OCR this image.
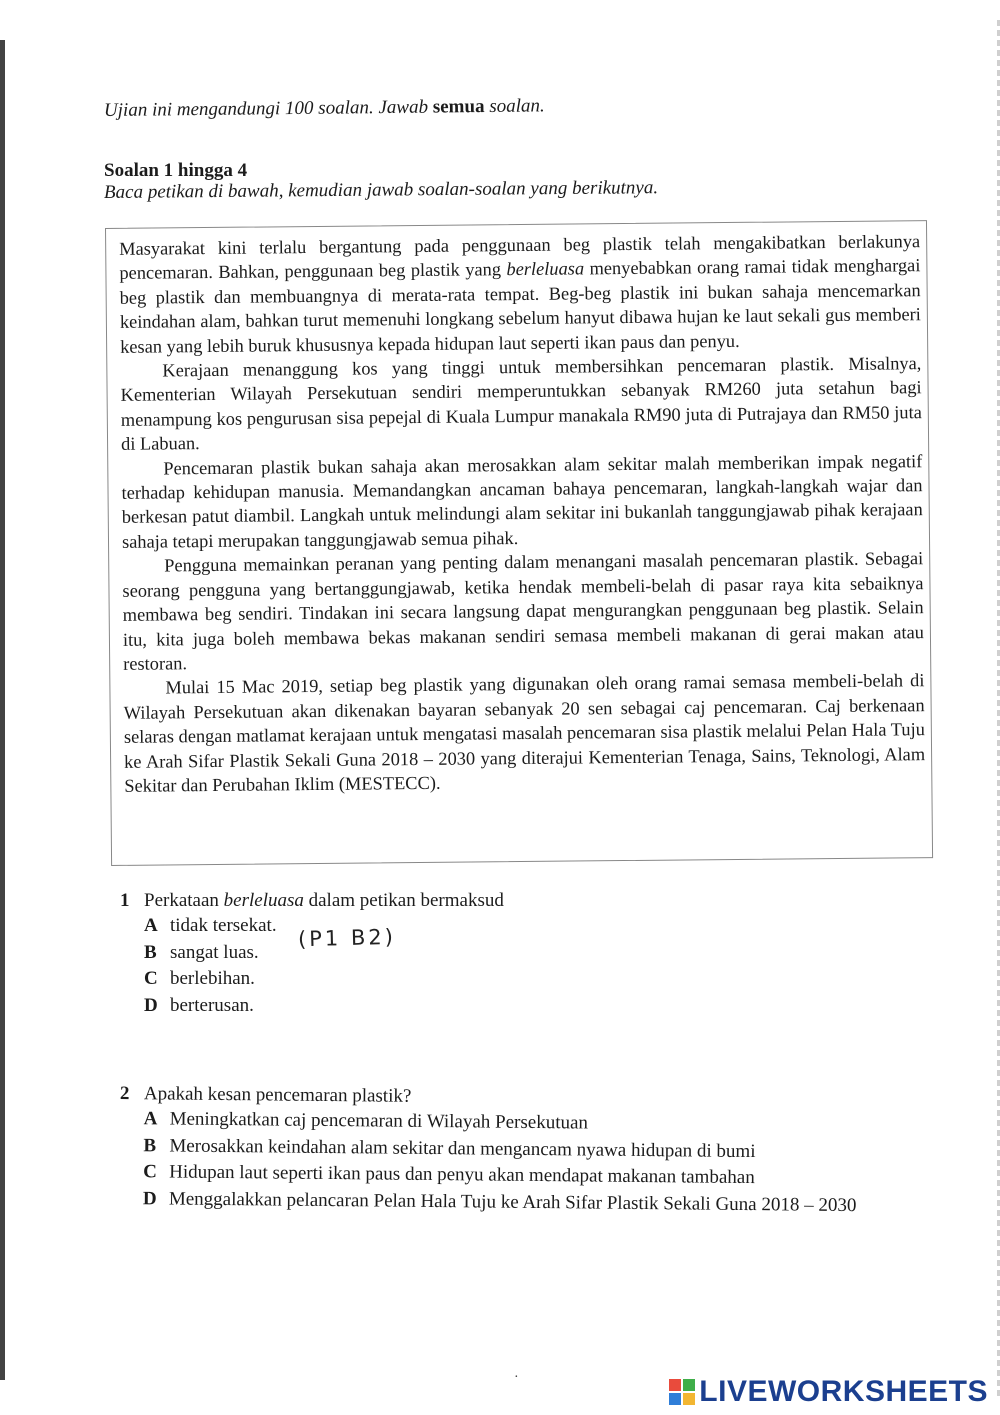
Ujian ini mengandungi 100 soalan. Jawab semua soalan.
Soalan 1 hingga 4
Baca petikan di bawah, kemudian jawab soalan-soalan yang berikutnya.

Masyarakat kini terlalu bergantung pada penggunaan beg plastik telah mengakibatkan berlakunya pencemaran. Bahkan, penggunaan beg plastik yang berleluasa menyebabkan orang ramai tidak menghargai beg plastik dan membuangnya di merata-rata tempat. Beg-beg plastik ini bukan sahaja mencemarkan keindahan alam, bahkan turut memenuhi longkang sebelum hanyut dibawa hujan ke laut sekali gus memberi kesan yang lebih buruk khususnya kepada hidupan laut seperti ikan paus dan penyu.

Kerajaan menanggung kos yang tinggi untuk membersihkan pencemaran plastik. Misalnya, Kementerian Wilayah Persekutuan sendiri memperuntukkan sebanyak RM260 juta setahun bagi menampung kos pengurusan sisa pepejal di Kuala Lumpur manakala RM90 juta di Putrajaya dan RM50 juta di Labuan.

Pencemaran plastik bukan sahaja akan merosakkan alam sekitar malah memberikan impak negatif terhadap kehidupan manusia. Memandangkan ancaman bahaya pencemaran, langkah-langkah wajar dan berkesan patut diambil. Langkah untuk melindungi alam sekitar ini bukanlah tanggungjawab pihak kerajaan sahaja tetapi merupakan tanggungjawab semua pihak.

Pengguna memainkan peranan yang penting dalam menangani masalah pencemaran plastik. Sebagai seorang pengguna yang bertanggungjawab, ketika hendak membeli-belah di pasar raya kita sebaiknya membawa beg sendiri. Tindakan ini secara langsung dapat mengurangkan penggunaan beg plastik. Selain itu, kita juga boleh membawa bekas makanan sendiri semasa membeli makanan di gerai makan atau restoran.

Mulai 15 Mac 2019, setiap beg plastik yang digunakan oleh orang ramai semasa membeli-belah di Wilayah Persekutuan akan dikenakan bayaran sebanyak 20 sen sebagai caj pencemaran. Caj berkenaan selaras dengan matlamat kerajaan untuk mengatasi masalah pencemaran sisa plastik melalui Pelan Hala Tuju ke Arah Sifar Plastik Sekali Guna 2018 – 2030 yang diterajui Kementerian Tenaga, Sains, Teknologi, Alam Sekitar dan Perubahan Iklim (MESTECC).

1 Perkataan berleluasa dalam petikan bermaksud
A tidak tersekat.
B sangat luas.
C berlebihan.
D berterusan.
(P1 B2)
2 Apakah kesan pencemaran plastik?
A Meningkatkan caj pencemaran di Wilayah Persekutuan
B Merosakkan keindahan alam sekitar dan mengancam nyawa hidupan di bumi
C Hidupan laut seperti ikan paus dan penyu akan mendapat makanan tambahan
D Menggalakkan pelancaran Pelan Hala Tuju ke Arah Sifar Plastik Sekali Guna 2018 – 2030
·	LIVEWORKSHEETS
